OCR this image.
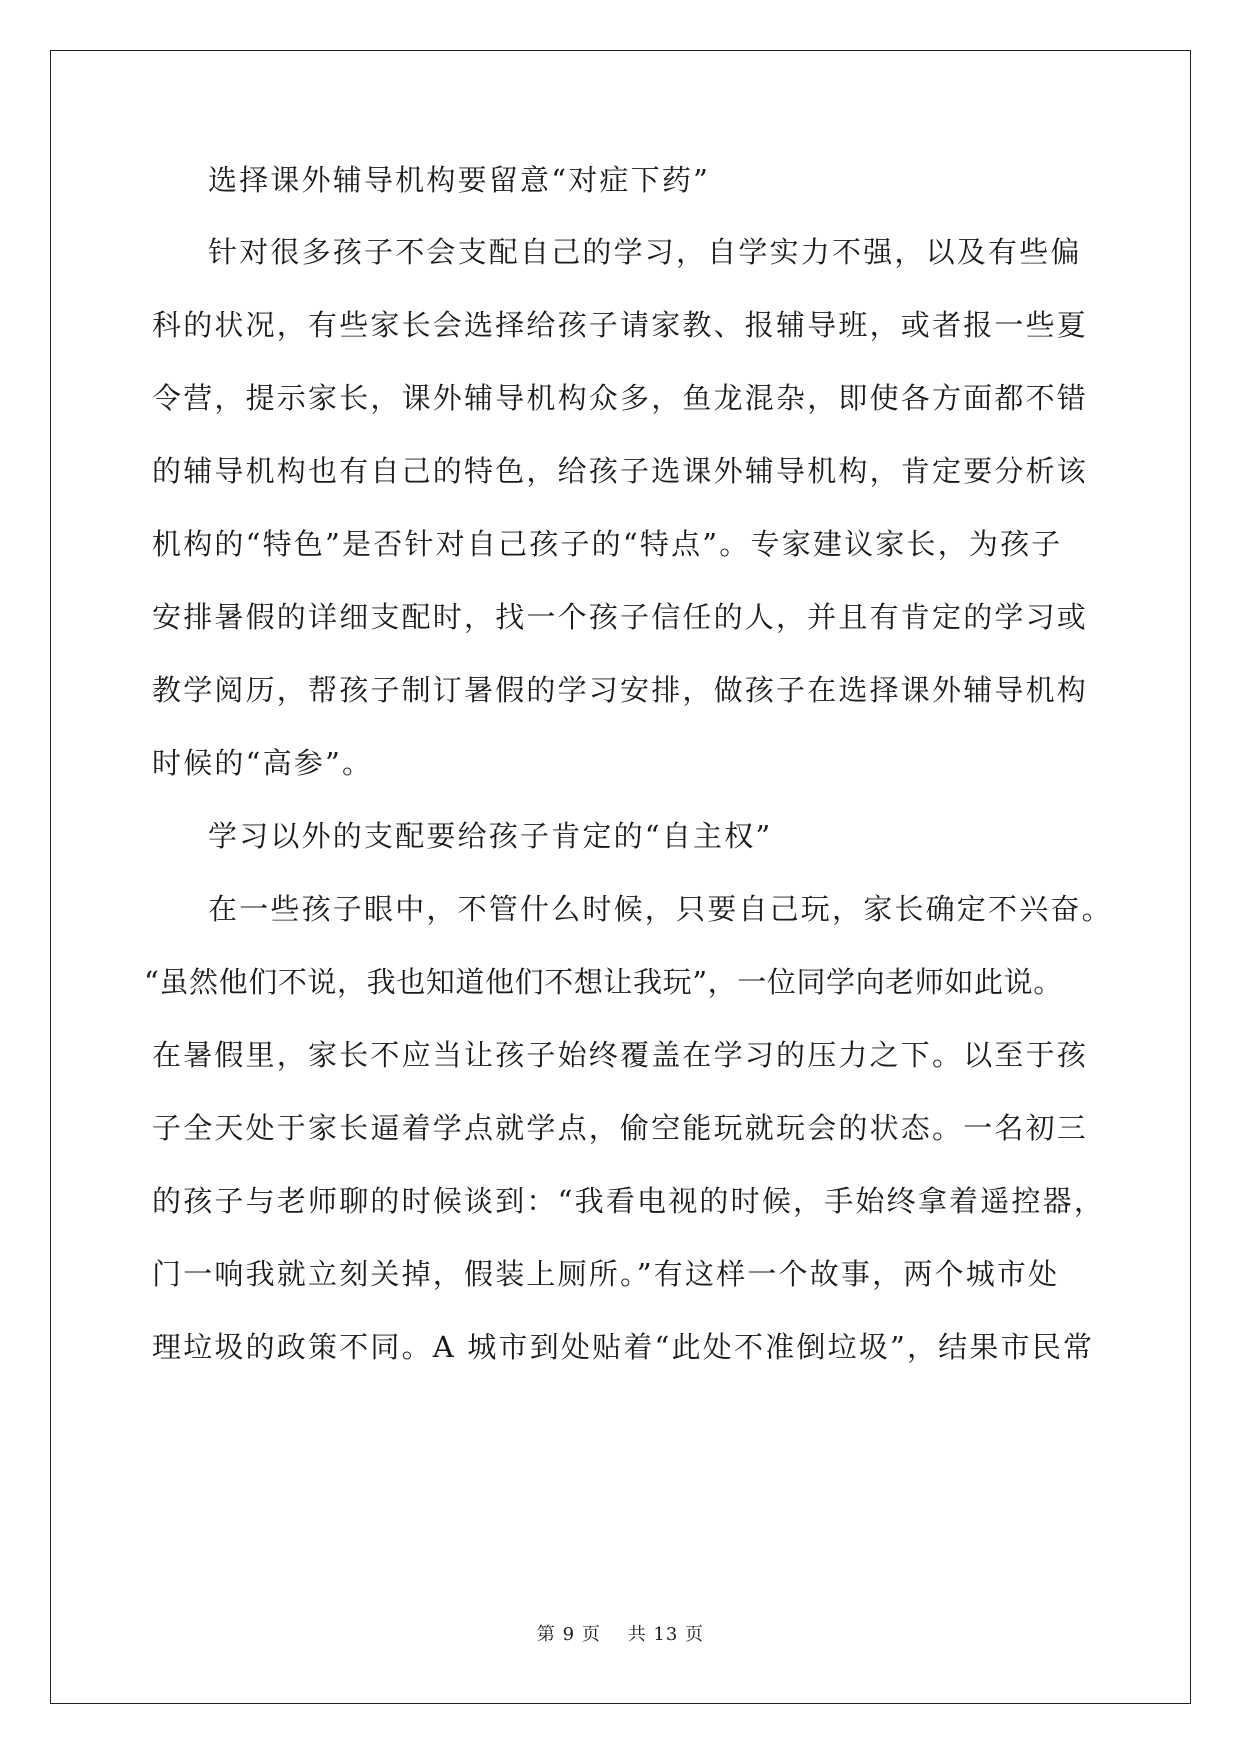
选择课外辅导机构要留意“对症下药”
针对很多孩子不会支配自己的学习，自学实力不强，以及有些偏
科的状况，有些家长会选择给孩子请家教、报辅导班，或者报一些夏
令营，提示家长，课外辅导机构众多，鱼龙混杂，即使各方面都不错
的辅导机构也有自己的特色，给孩子选课外辅导机构，肯定要分析该
机构的“特色”是否针对自己孩子的“特点”。专家建议家长，为孩子
安排暑假的详细支配时，找一个孩子信任的人，并且有肯定的学习或
教学阅历，帮孩子制订暑假的学习安排，做孩子在选择课外辅导机构
时候的“高参”。
学习以外的支配要给孩子肯定的“自主权”
在一些孩子眼中，不管什么时候，只要自己玩，家长确定不兴奋。
“虽然他们不说，我也知道他们不想让我玩”，一位同学向老师如此说。
在暑假里，家长不应当让孩子始终覆盖在学习的压力之下。以至于孩
子全天处于家长逼着学点就学点，偷空能玩就玩会的状态。一名初三
的孩子与老师聊的时候谈到：“我看电视的时候，手始终拿着遥控器，
门一响我就立刻关掉，假装上厕所。”有这样一个故事，两个城市处
理垃圾的政策不同。A 城市到处贴着“此处不准倒垃圾”，结果市民常
第 9 页    共 13 页
